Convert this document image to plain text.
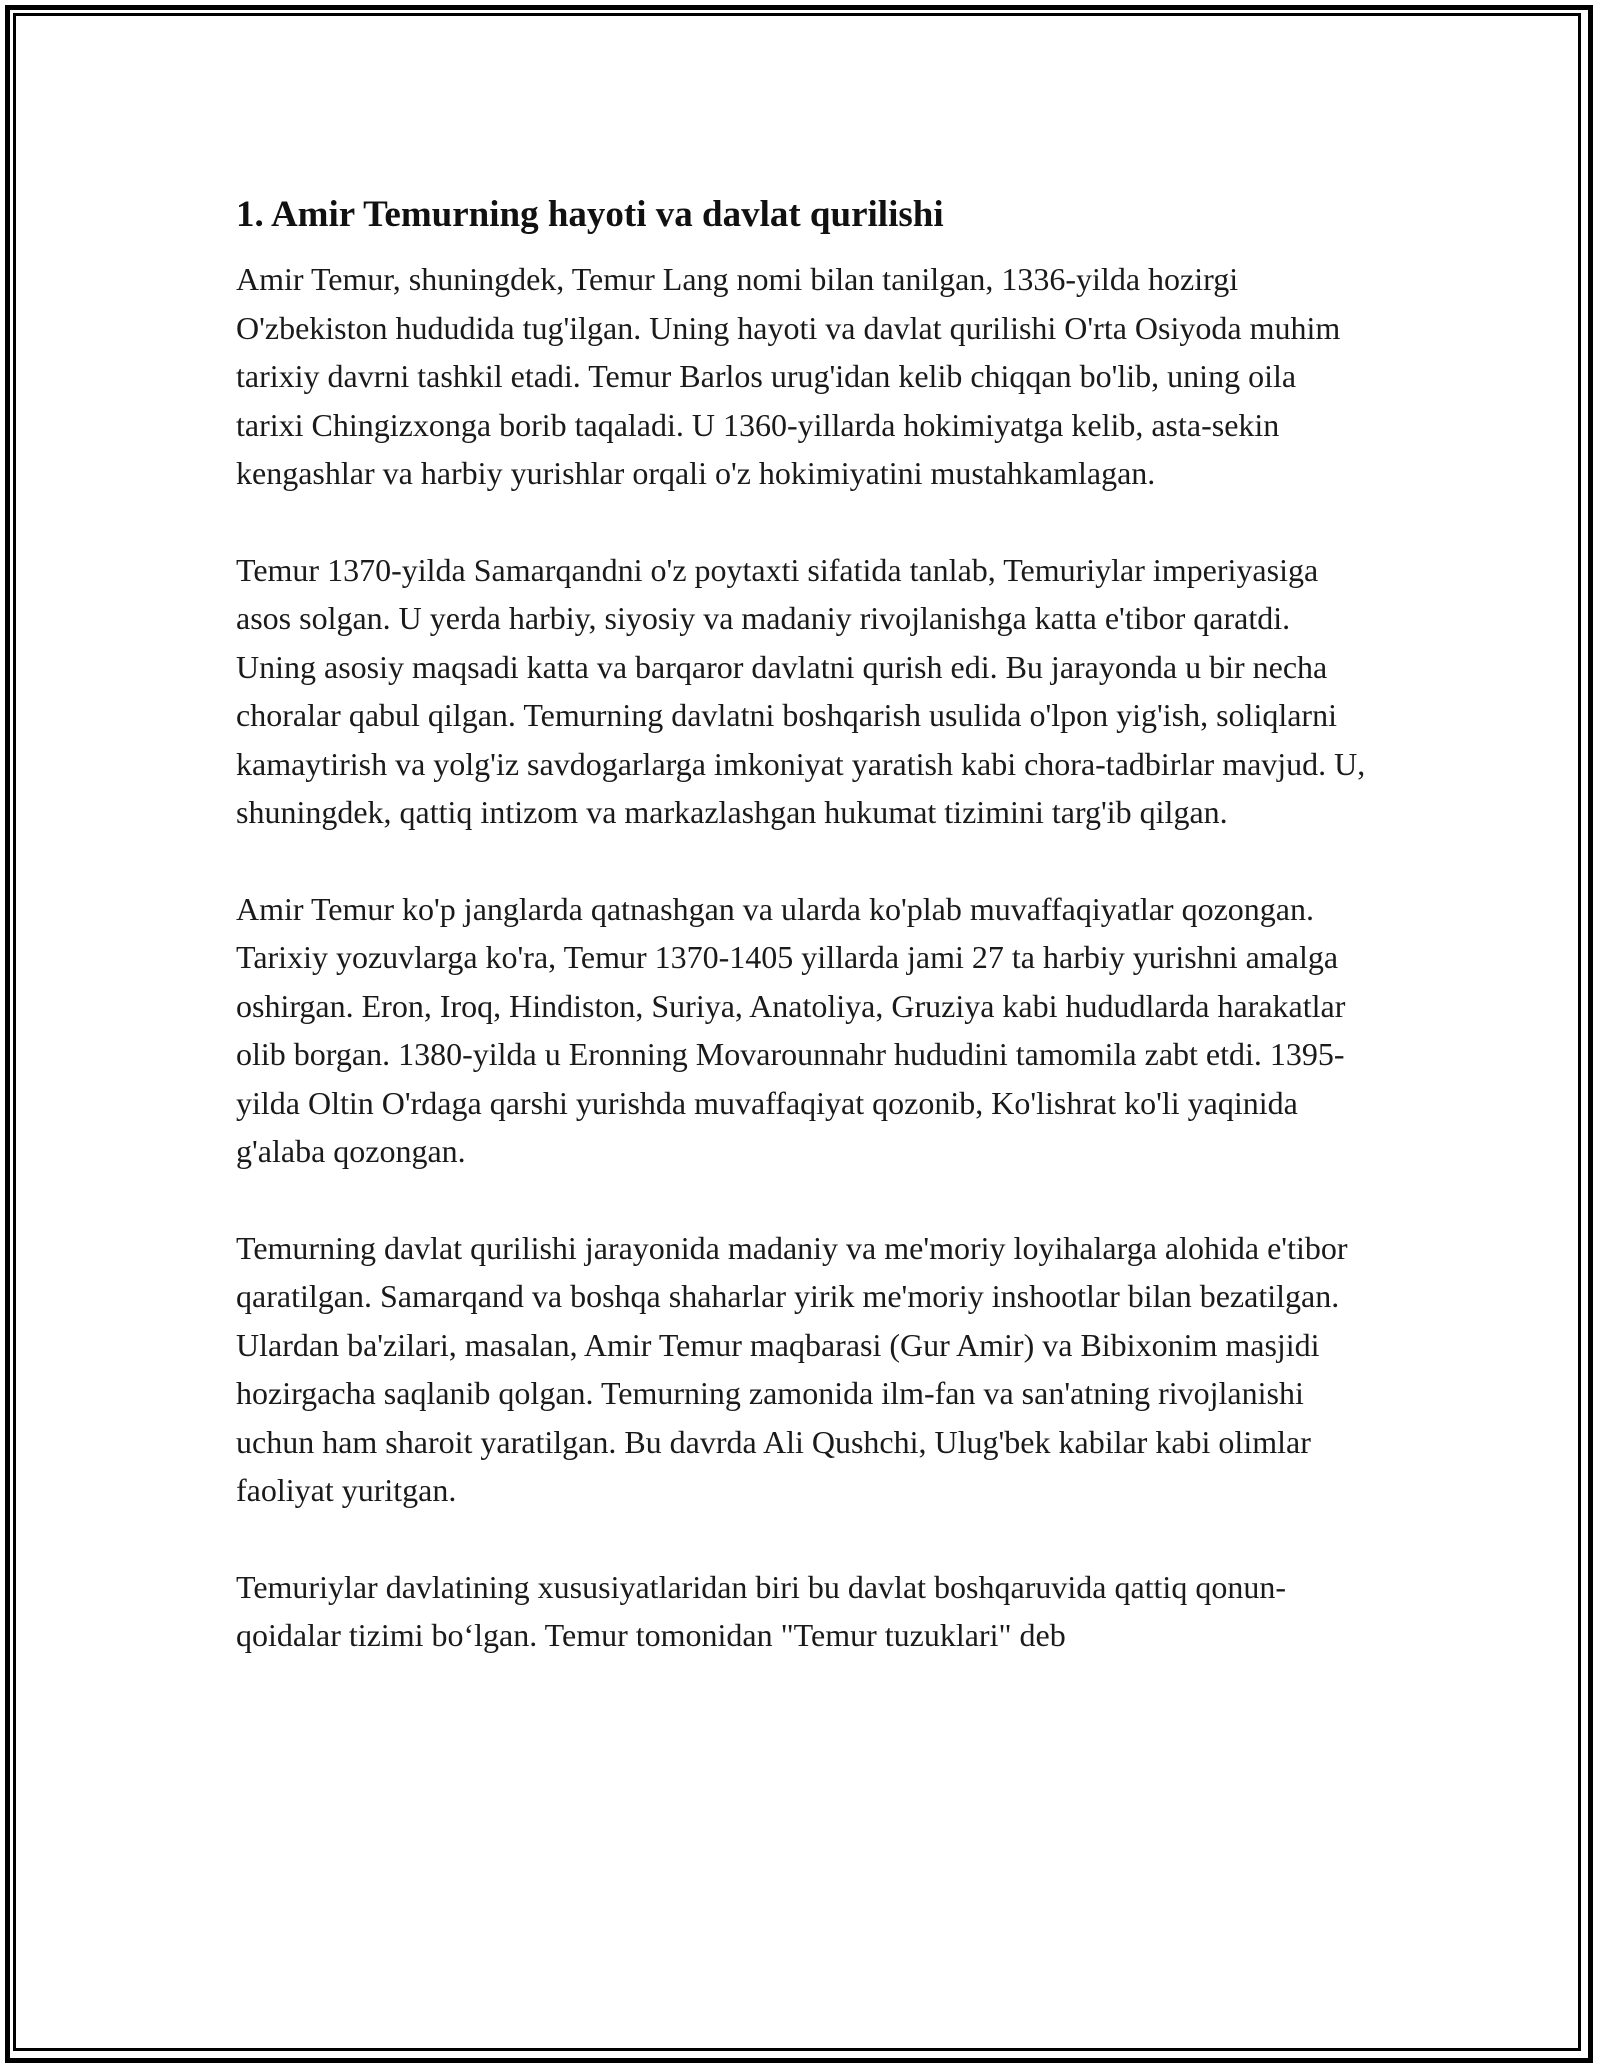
1. Amir Temurning hayoti va davlat qurilishi

Amir Temur, shuningdek, Temur Lang nomi bilan tanilgan, 1336-yilda hozirgi O'zbekiston hududida tug'ilgan. Uning hayoti va davlat qurilishi O'rta Osiyoda muhim tarixiy davrni tashkil etadi. Temur Barlos urug'idan kelib chiqqan bo'lib, uning oila tarixi Chingizxonga borib taqaladi. U 1360-yillarda hokimiyatga kelib, asta-sekin kengashlar va harbiy yurishlar orqali o'z hokimiyatini mustahkamlagan.

Temur 1370-yilda Samarqandni o'z poytaxti sifatida tanlab, Temuriylar imperiyasiga asos solgan. U yerda harbiy, siyosiy va madaniy rivojlanishga katta e'tibor qaratdi. Uning asosiy maqsadi katta va barqaror davlatni qurish edi. Bu jarayonda u bir necha choralar qabul qilgan. Temurning davlatni boshqarish usulida o'lpon yig'ish, soliqlarni kamaytirish va yolg'iz savdogarlarga imkoniyat yaratish kabi chora-tadbirlar mavjud. U, shuningdek, qattiq intizom va markazlashgan hukumat tizimini targ'ib qilgan.

Amir Temur ko'p janglarda qatnashgan va ularda ko'plab muvaffaqiyatlar qozongan. Tarixiy yozuvlarga ko'ra, Temur 1370-1405 yillarda jami 27 ta harbiy yurishni amalga oshirgan. Eron, Iroq, Hindiston, Suriya, Anatoliya, Gruziya kabi hududlarda harakatlar olib borgan. 1380-yilda u Eronning Movarounnahr hududini tamomila zabt etdi. 1395-yilda Oltin O'rdaga qarshi yurishda muvaffaqiyat qozonib, Ko'lishrat ko'li yaqinida g'alaba qozongan.

Temurning davlat qurilishi jarayonida madaniy va me'moriy loyihalarga alohida e'tibor qaratilgan. Samarqand va boshqa shaharlar yirik me'moriy inshootlar bilan bezatilgan. Ulardan ba'zilari, masalan, Amir Temur maqbarasi (Gur Amir) va Bibixonim masjidi hozirgacha saqlanib qolgan. Temurning zamonida ilm-fan va san'atning rivojlanishi uchun ham sharoit yaratilgan. Bu davrda Ali Qushchi, Ulug'bek kabilar kabi olimlar faoliyat yuritgan.

Temuriylar davlatining xususiyatlaridan biri bu davlat boshqaruvida qattiq qonun-qoidalar tizimi bo‘lgan. Temur tomonidan "Temur tuzuklari" deb
